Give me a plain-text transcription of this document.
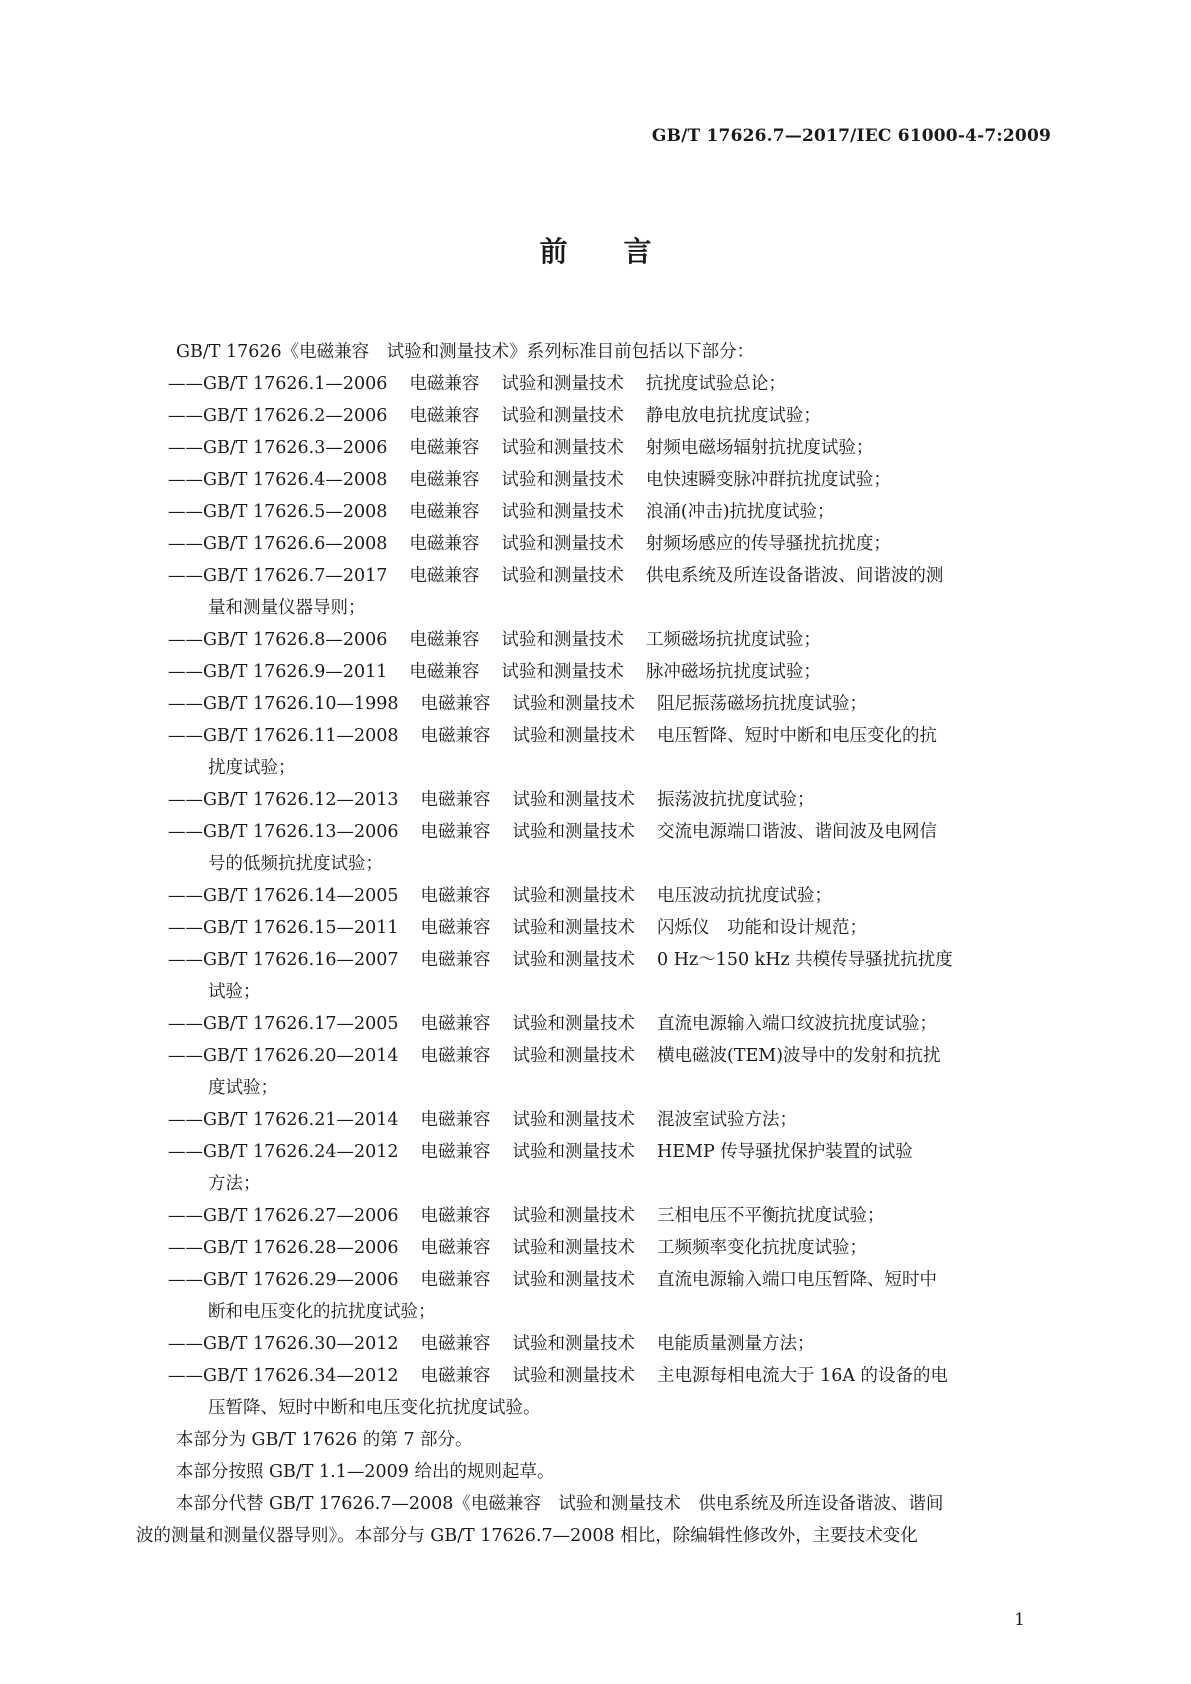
GB/T 17626.7—2017/IEC 61000-4-7:2009
前 言
GB/T 17626《电磁兼容　试验和测量技术》系列标准目前包括以下部分：
——GB/T 17626.1—2006 电磁兼容 试验和测量技术 抗扰度试验总论；
——GB/T 17626.2—2006 电磁兼容 试验和测量技术 静电放电抗扰度试验；
——GB/T 17626.3—2006 电磁兼容 试验和测量技术 射频电磁场辐射抗扰度试验；
——GB/T 17626.4—2008 电磁兼容 试验和测量技术 电快速瞬变脉冲群抗扰度试验；
——GB/T 17626.5—2008 电磁兼容 试验和测量技术 浪涌(冲击)抗扰度试验；
——GB/T 17626.6—2008 电磁兼容 试验和测量技术 射频场感应的传导骚扰抗扰度；
——GB/T 17626.7—2017 电磁兼容 试验和测量技术 供电系统及所连设备谐波、间谐波的测
量和测量仪器导则；
——GB/T 17626.8—2006 电磁兼容 试验和测量技术 工频磁场抗扰度试验；
——GB/T 17626.9—2011 电磁兼容 试验和测量技术 脉冲磁场抗扰度试验；
——GB/T 17626.10—1998 电磁兼容 试验和测量技术 阻尼振荡磁场抗扰度试验；
——GB/T 17626.11—2008 电磁兼容 试验和测量技术 电压暂降、短时中断和电压变化的抗
扰度试验；
——GB/T 17626.12—2013 电磁兼容 试验和测量技术 振荡波抗扰度试验；
——GB/T 17626.13—2006 电磁兼容 试验和测量技术 交流电源端口谐波、谐间波及电网信
号的低频抗扰度试验；
——GB/T 17626.14—2005 电磁兼容 试验和测量技术 电压波动抗扰度试验；
——GB/T 17626.15—2011 电磁兼容 试验和测量技术 闪烁仪　功能和设计规范；
——GB/T 17626.16—2007 电磁兼容 试验和测量技术 0 Hz～150 kHz 共模传导骚扰抗扰度
试验；
——GB/T 17626.17—2005 电磁兼容 试验和测量技术 直流电源输入端口纹波抗扰度试验；
——GB/T 17626.20—2014 电磁兼容 试验和测量技术 横电磁波(TEM)波导中的发射和抗扰
度试验；
——GB/T 17626.21—2014 电磁兼容 试验和测量技术 混波室试验方法；
——GB/T 17626.24—2012 电磁兼容 试验和测量技术 HEMP 传导骚扰保护装置的试验
方法；
——GB/T 17626.27—2006 电磁兼容 试验和测量技术 三相电压不平衡抗扰度试验；
——GB/T 17626.28—2006 电磁兼容 试验和测量技术 工频频率变化抗扰度试验；
——GB/T 17626.29—2006 电磁兼容 试验和测量技术 直流电源输入端口电压暂降、短时中
断和电压变化的抗扰度试验；
——GB/T 17626.30—2012 电磁兼容 试验和测量技术 电能质量测量方法；
——GB/T 17626.34—2012 电磁兼容 试验和测量技术 主电源每相电流大于 16A 的设备的电
压暂降、短时中断和电压变化抗扰度试验。
本部分为 GB/T 17626 的第 7 部分。
本部分按照 GB/T 1.1—2009 给出的规则起草。
本部分代替 GB/T 17626.7—2008《电磁兼容　试验和测量技术　供电系统及所连设备谐波、谐间
波的测量和测量仪器导则》。本部分与 GB/T 17626.7—2008 相比，除编辑性修改外，主要技术变化
1
